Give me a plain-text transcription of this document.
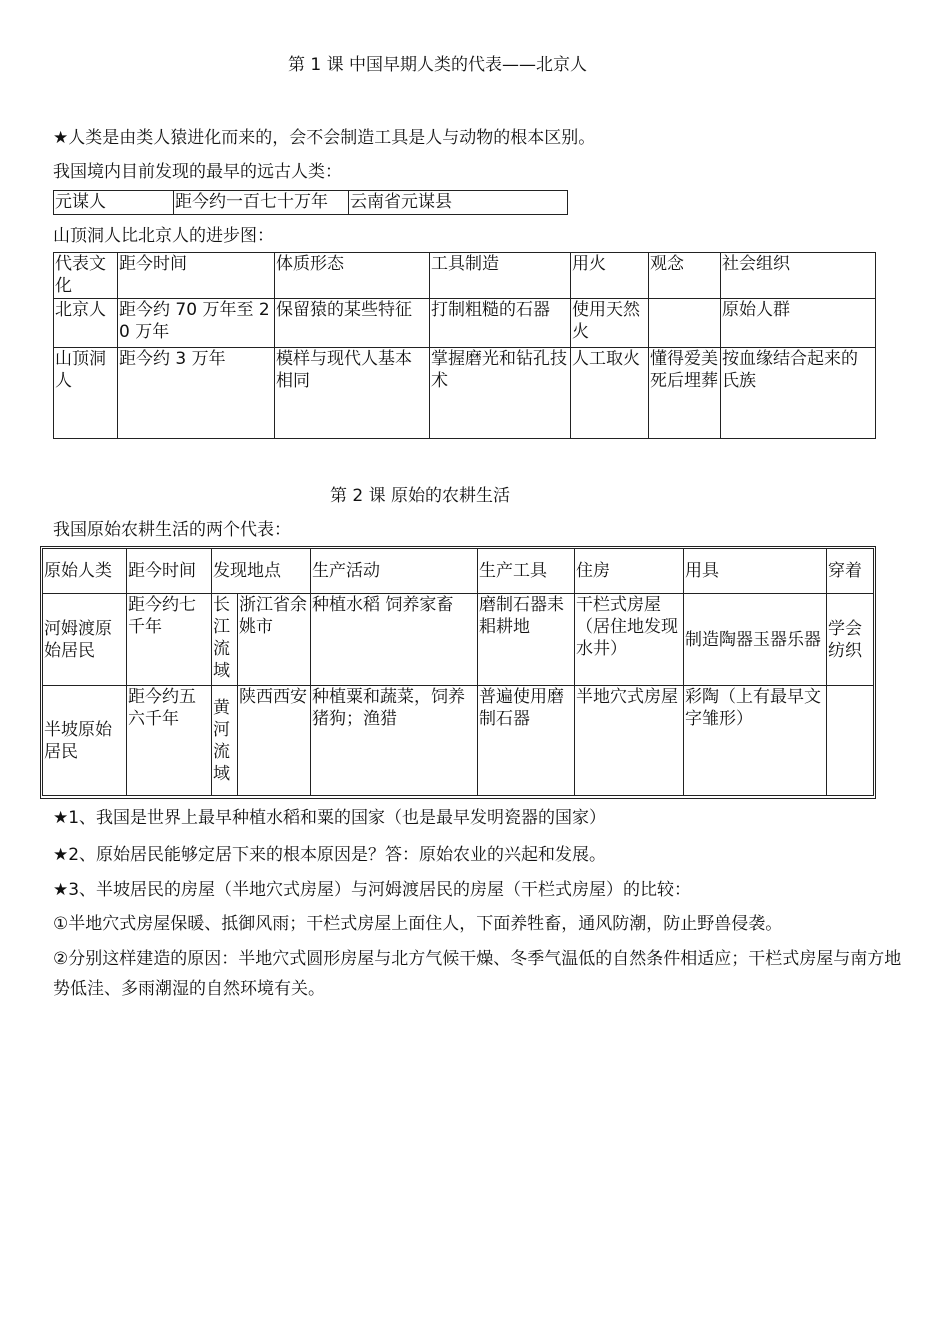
第 1 课 中国早期人类的代表——北京人
★人类是由类人猿进化而来的，会不会制造工具是人与动物的根本区别。
我国境内目前发现的最早的远古人类：
元谋人	距今约一百七十万年	云南省元谋县
山顶洞人比北京人的进步图：
代表文化	距今时间	体质形态	工具制造	用火	观念	社会组织
北京人	距今约 70 万年至 20 万年	保留猿的某些特征	打制粗糙的石器	使用天然火		原始人群
山顶洞人	距今约 3 万年	模样与现代人基本相同	掌握磨光和钻孔技术	人工取火	懂得爱美 死后埋葬	按血缘结合起来的氏族
第 2 课 原始的农耕生活
我国原始农耕生活的两个代表：
原始人类	距今时间	发现地点		生产活动	生产工具	住房	用具	穿着
河姆渡原始居民	距今约七千年	长江流域	浙江省余姚市	种植水稻 饲养家畜	磨制石器耒耜耕地	干栏式房屋 （居住地发现水井）	制造陶器玉器乐器	学会纺织
半坡原始居民	距今约五六千年	黄河流域	陕西西安	种植粟和蔬菜，饲养猪狗；渔猎	普遍使用磨制石器	半地穴式房屋	彩陶（上有最早文字雏形）	
★1、我国是世界上最早种植水稻和粟的国家（也是最早发明瓷器的国家）
★2、原始居民能够定居下来的根本原因是？答：原始农业的兴起和发展。
★3、半坡居民的房屋（半地穴式房屋）与河姆渡居民的房屋（干栏式房屋）的比较：
①半地穴式房屋保暖、抵御风雨；干栏式房屋上面住人，下面养牲畜，通风防潮，防止野兽侵袭。

②分别这样建造的原因：半地穴式圆形房屋与北方气候干燥、冬季气温低的自然条件相适应；干栏式房屋与南方地势低洼、多雨潮湿的自然环境有关。
